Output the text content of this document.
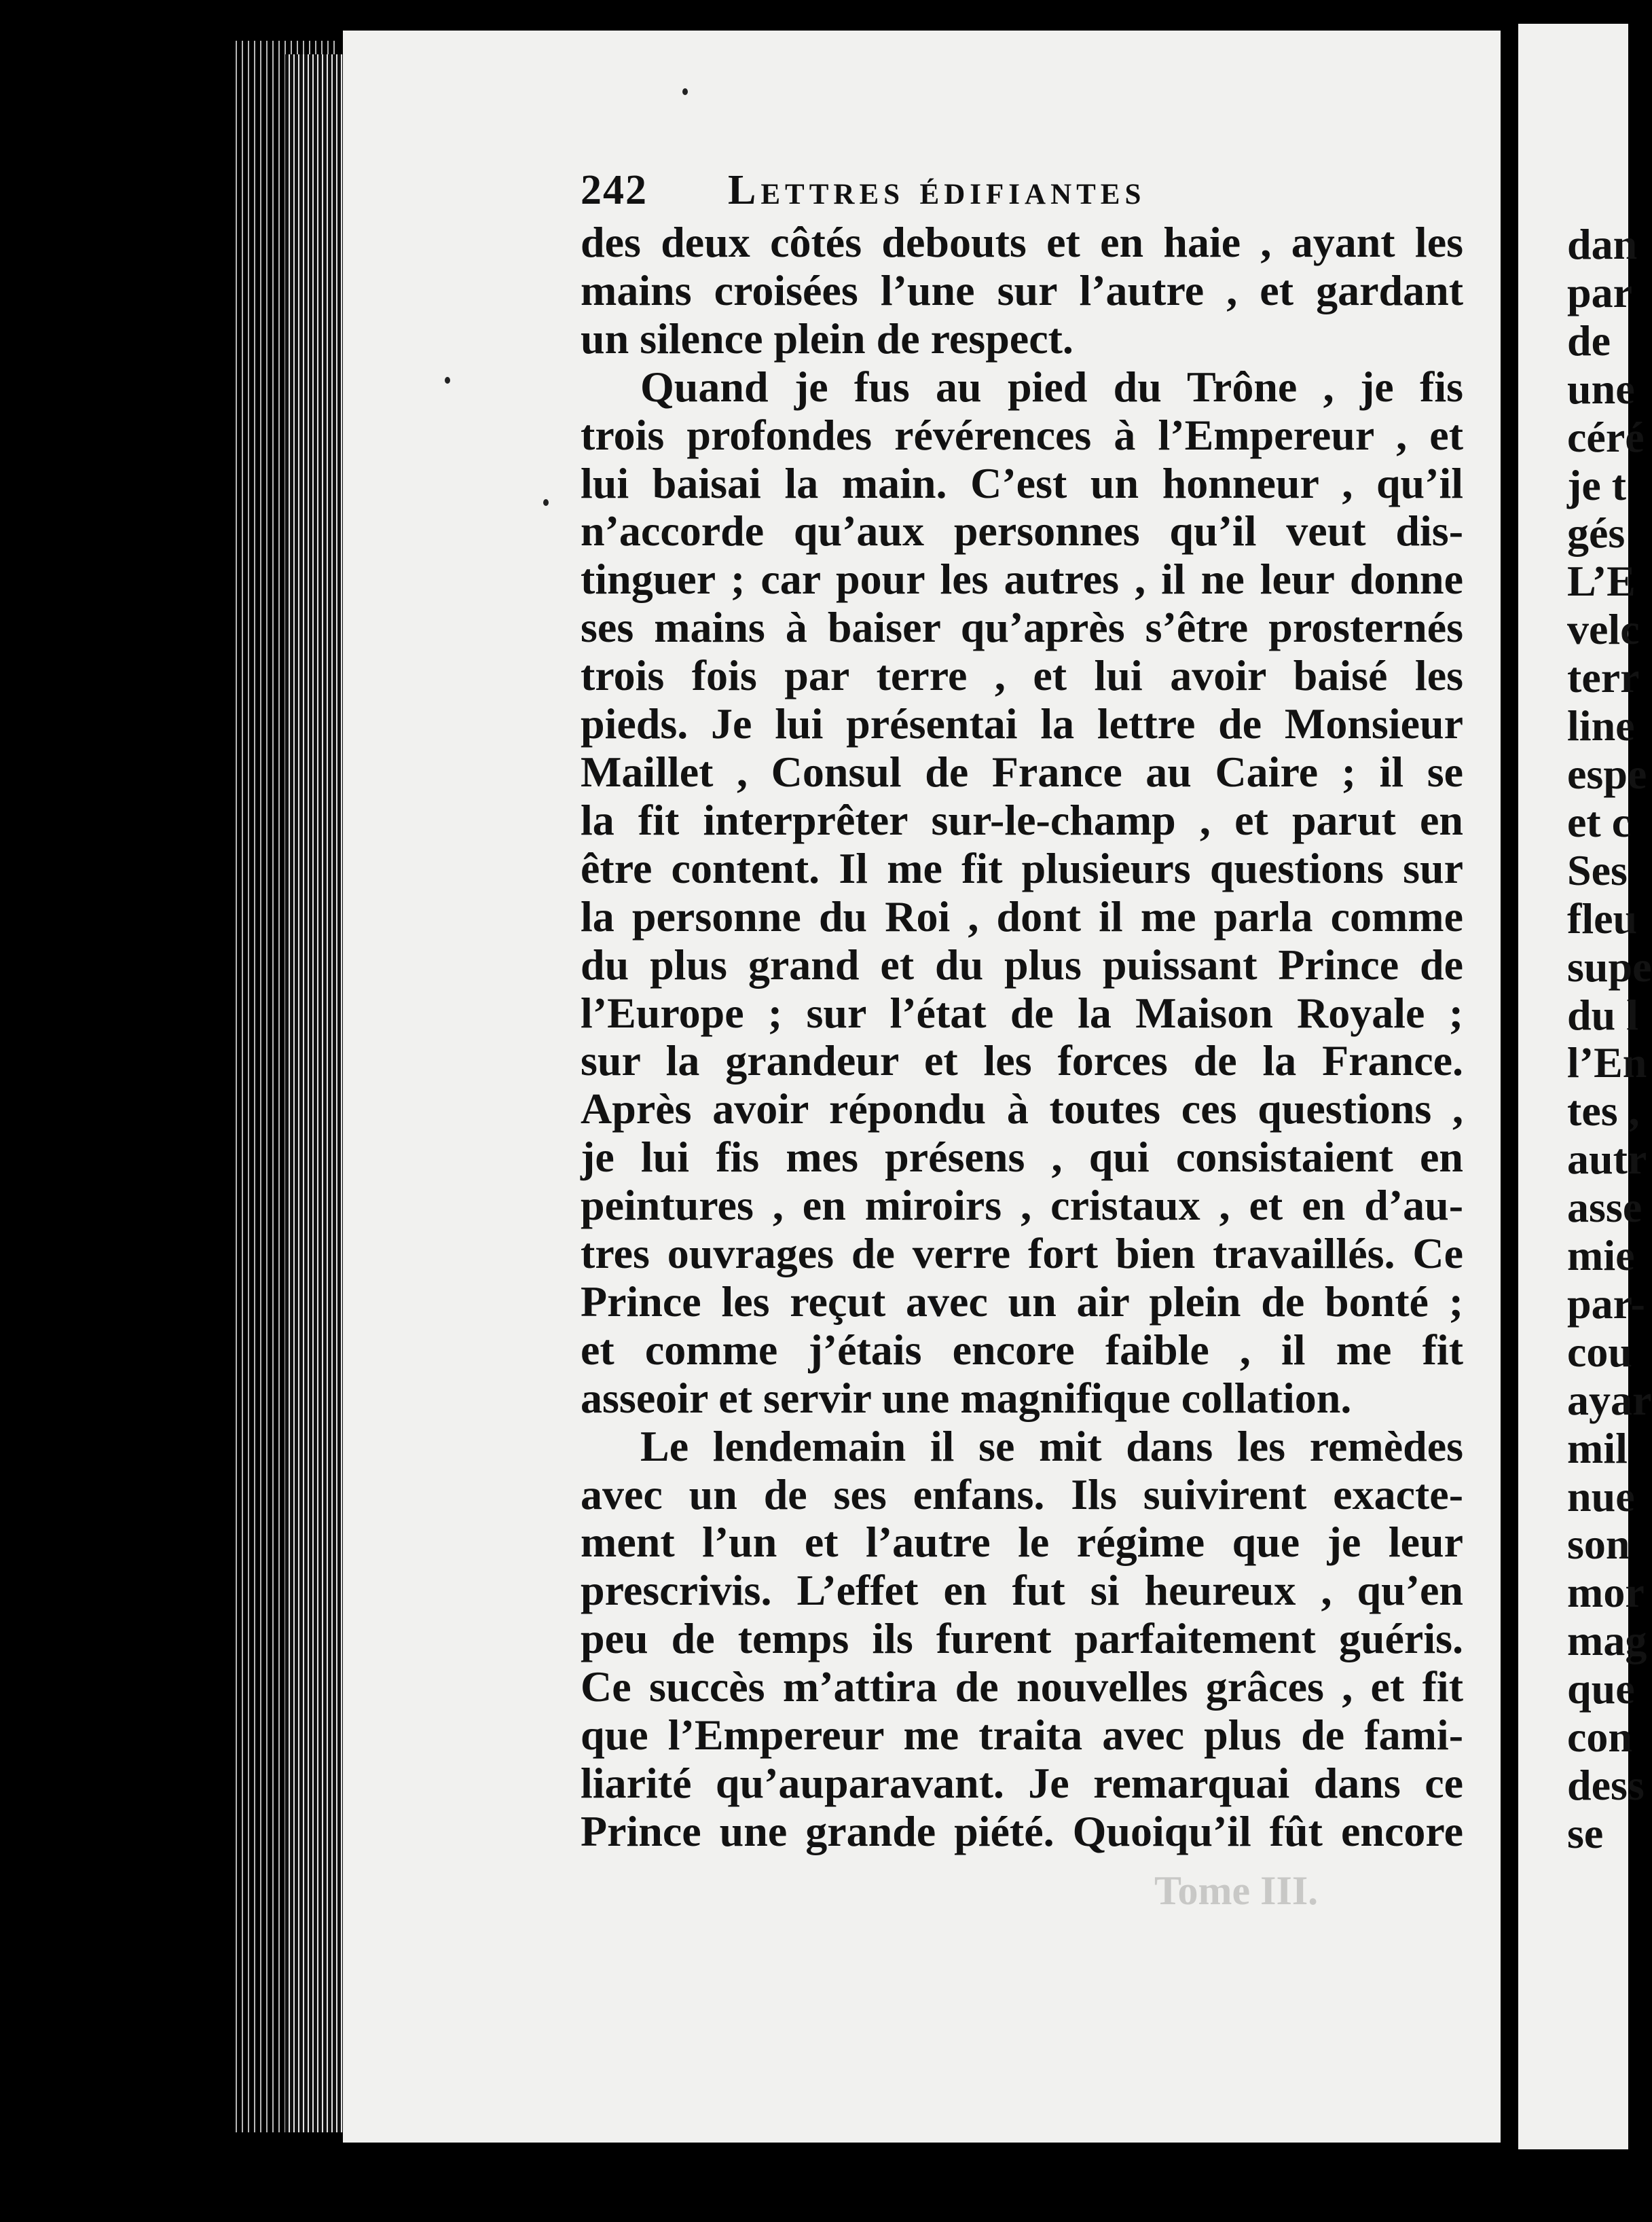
Tome III.
242 Lettres édifiantes
des deux côtés debouts et en haie , ayant les
mains croisées l’une sur l’autre , et gardant
un silence plein de respect.
Quand je fus au pied du Trône , je fis
trois profondes révérences à l’Empereur , et
lui baisai la main. C’est un honneur , qu’il
n’accorde qu’aux personnes qu’il veut dis-
tinguer ; car pour les autres , il ne leur donne
ses mains à baiser qu’après s’être prosternés
trois fois par terre , et lui avoir baisé les
pieds. Je lui présentai la lettre de Monsieur
Maillet , Consul de France au Caire ; il se
la fit interprêter sur-le-champ , et parut en
être content. Il me fit plusieurs questions sur
la personne du Roi , dont il me parla comme
du plus grand et du plus puissant Prince de
l’Europe ; sur l’état de la Maison Royale ;
sur la grandeur et les forces de la France.
Après avoir répondu à toutes ces questions ,
je lui fis mes présens , qui consistaient en
peintures , en miroirs , cristaux , et en d’au-
tres ouvrages de verre fort bien travaillés. Ce
Prince les reçut avec un air plein de bonté ;
et comme j’étais encore faible , il me fit
asseoir et servir une magnifique collation.
Le lendemain il se mit dans les remèdes
avec un de ses enfans. Ils suivirent exacte-
ment l’un et l’autre le régime que je leur
prescrivis. L’effet en fut si heureux , qu’en
peu de temps ils furent parfaitement guéris.
Ce succès m’attira de nouvelles grâces , et fit
que l’Empereur me traita avec plus de fami-
liarité qu’auparavant. Je remarquai dans ce
Prince une grande piété. Quoiqu’il fût encore
dan
par
de
une
céré
je t
gés
L’E
velc
terr
line
espe
et c
Ses
fleu
supe
du l
l’En
tes ,
autr
asse
mie
par-
cou
ayar
mil
nue
son
mor
mag
que
con
dess
se
